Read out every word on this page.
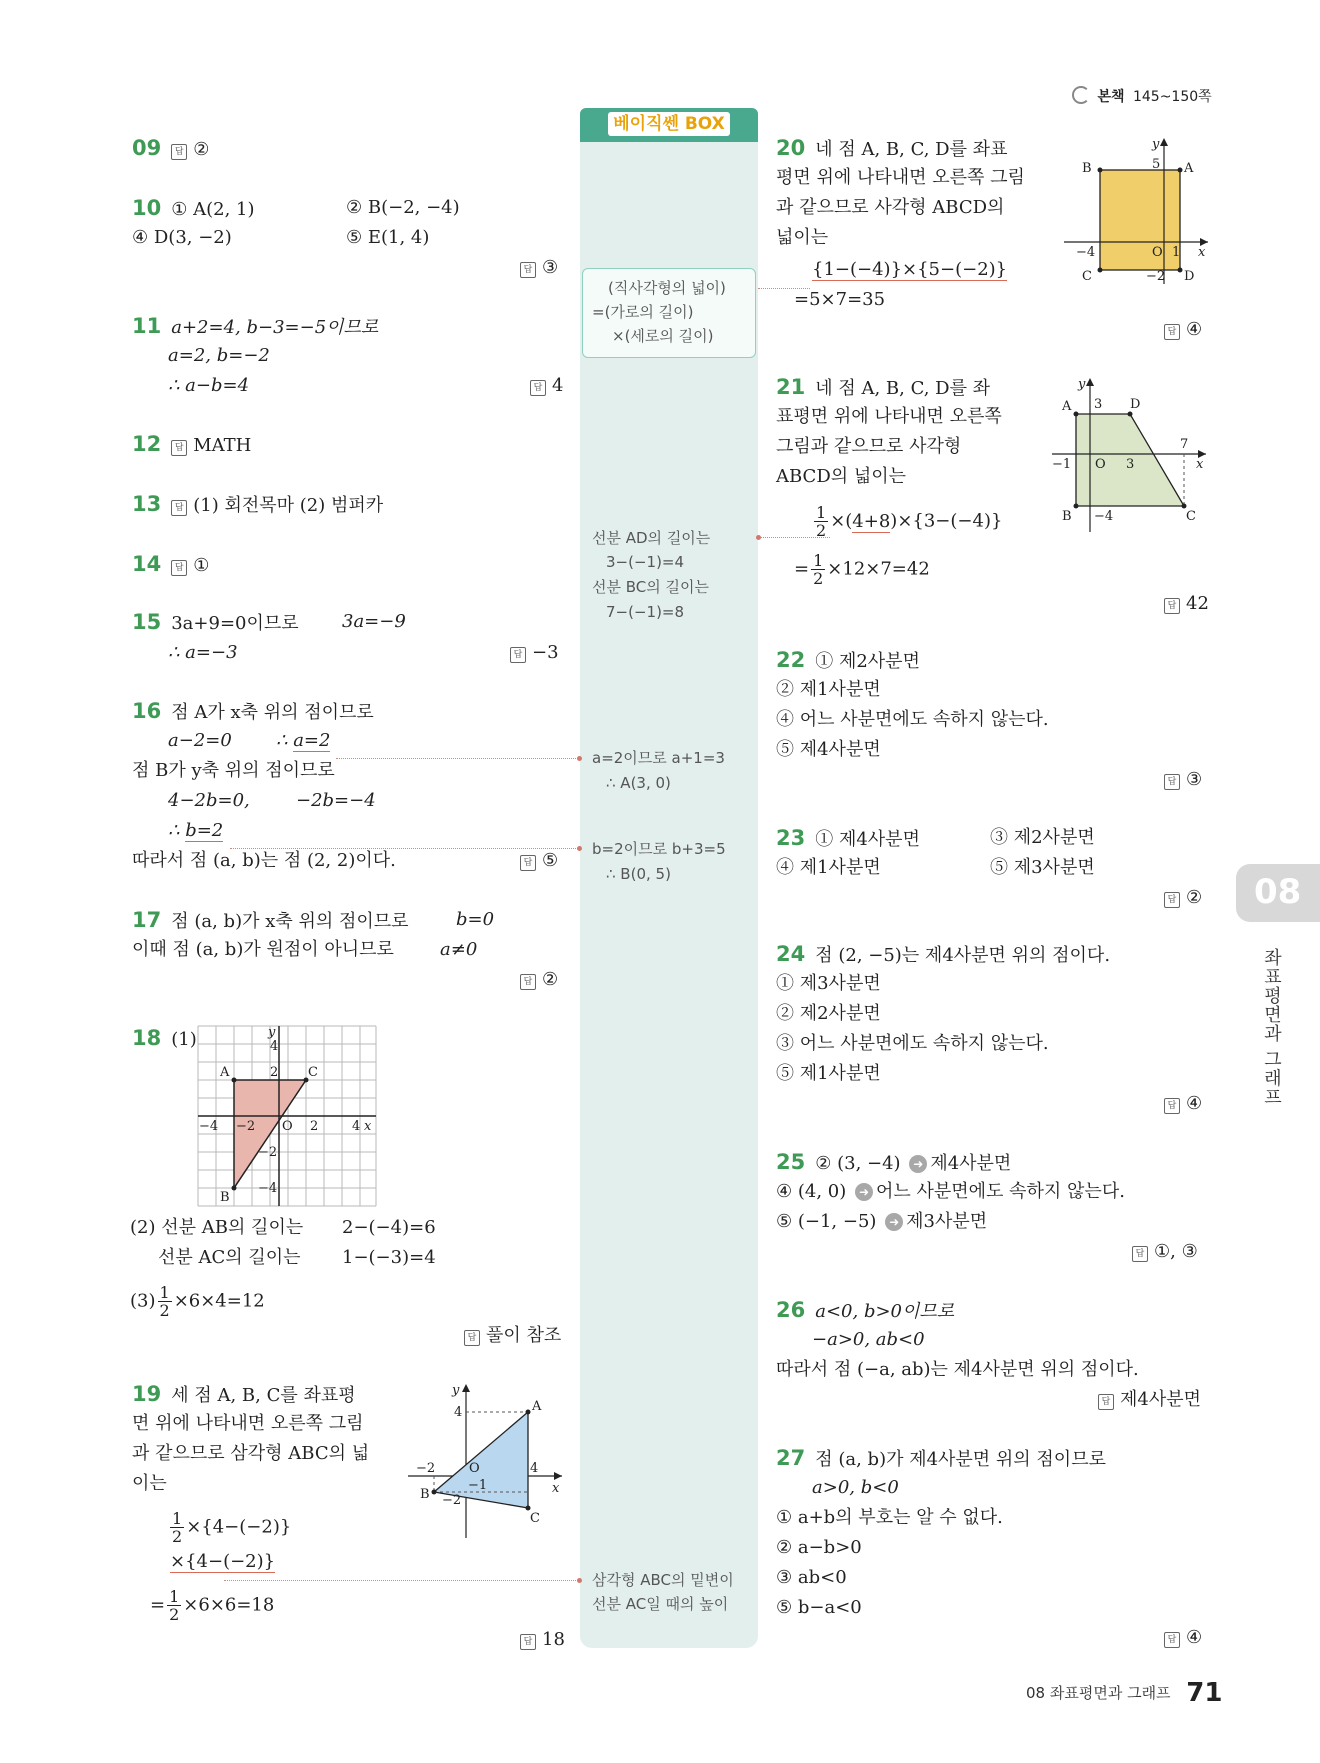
본책 145~150쪽
베이직쎈 BOX
(직사각형의 넓이)
=(가로의 길이)
×(세로의 길이)
선분 AD의 길이는
3−(−1)=4
선분 BC의 길이는
7−(−1)=8
a=2이므로 a+1=3
∴ A(3, 0)
b=2이므로 b+3=5
∴ B(0, 5)
삼각형 ABC의 밑변이
선분 AC일 때의 높이
09 답 ②
10 ① A(2, 1)	② B(−2, −4)
④ D(3, −2)	⑤ E(1, 4)
답 ③
11 a+2=4, b−3=−5이므로
a=2, b=−2
∴ a−b=4	답 4
12 답 MATH
13 답 (1) 회전목마 (2) 범퍼카
14 답 ①
15 3a+9=0이므로 3a=−9
∴ a=−3	답 −3
16 점 A가 x축 위의 점이므로
a−2=0 ∴ a=2
점 B가 y축 위의 점이므로
4−2b=0,	−2b=−4
∴ b=2
따라서 점 (a, b)는 점 (2, 2)이다.	답 ⑤
17 점 (a, b)가 x축 위의 점이므로	b=0
이때 점 (a, b)가 원점이 아니므로	a≠0
답 ②
18 (1)
A	C
B
O	x
y
4
2
−2
−4
2	4
−2
−4
(2) 선분 AB의 길이는 2−(−4)=6
선분 AC의 길이는 1−(−3)=4
$(3) \frac{1}{2} \times 6\times 4=12$
답 풀이 참조
19 세 점 A, B, C를 좌표평
면 위에 나타내면 오른쪽 그림
과 같으므로 삼각형 ABC의 넓
이는
$\frac{1}{2} \times\{4-(-2)\}$
×{4−(−2)}
= $\frac{1}{2} \times 6\times 6=18$
답 18
A
B
C
O
x
y
4
−2	4
−1
−2
20 네 점 A, B, C, D를 좌표
평면 위에 나타내면 오른쪽 그림
과 같으므로 사각형 ABCD의
넓이는
{1−(−4)}×{5−(−2)}
=5×7=35
답 ④
A
B
C	D
O	x
y
5
−4	1
−2
21 네 점 A, B, C, D를 좌
표평면 위에 나타내면 오른쪽
그림과 같으므로 사각형
ABCD의 넓이는
$\frac{1}{2} \times(4+8)\times\{3-(-4)\}$
= $\frac{1}{2} \times 12\times 7=42$
답 42
A	D
C
B
O	x
y
3
−1	3
7
−4
22 ① 제2사분면
② 제1사분면
④ 어느 사분면에도 속하지 않는다.
⑤ 제4사분면
답 ③
23 ① 제4사분면	③ 제2사분면
④ 제1사분면	⑤ 제3사분면
답 ②
24 점 (2, −5)는 제4사분면 위의 점이다.
① 제3사분면
② 제2사분면
③ 어느 사분면에도 속하지 않는다.
⑤ 제1사분면
답 ④
25 ② (3, −4) ➜ 제4사분면
④ (4, 0) ➜ 어느 사분면에도 속하지 않는다.
⑤ (−1, −5) ➜ 제3사분면
답 ①, ③
26 a<0, b>0이므로
−a>0, ab<0
따라서 점 (−a, ab)는 제4사분면 위의 점이다.
답 제4사분면
27 점 (a, b)가 제4사분면 위의 점이므로
a>0, b<0
① a+b의 부호는 알 수 없다.
② a−b>0
③ ab<0
⑤ b−a<0
답 ④
08
좌표평면과 그래프
08 좌표평면과 그래프 71
